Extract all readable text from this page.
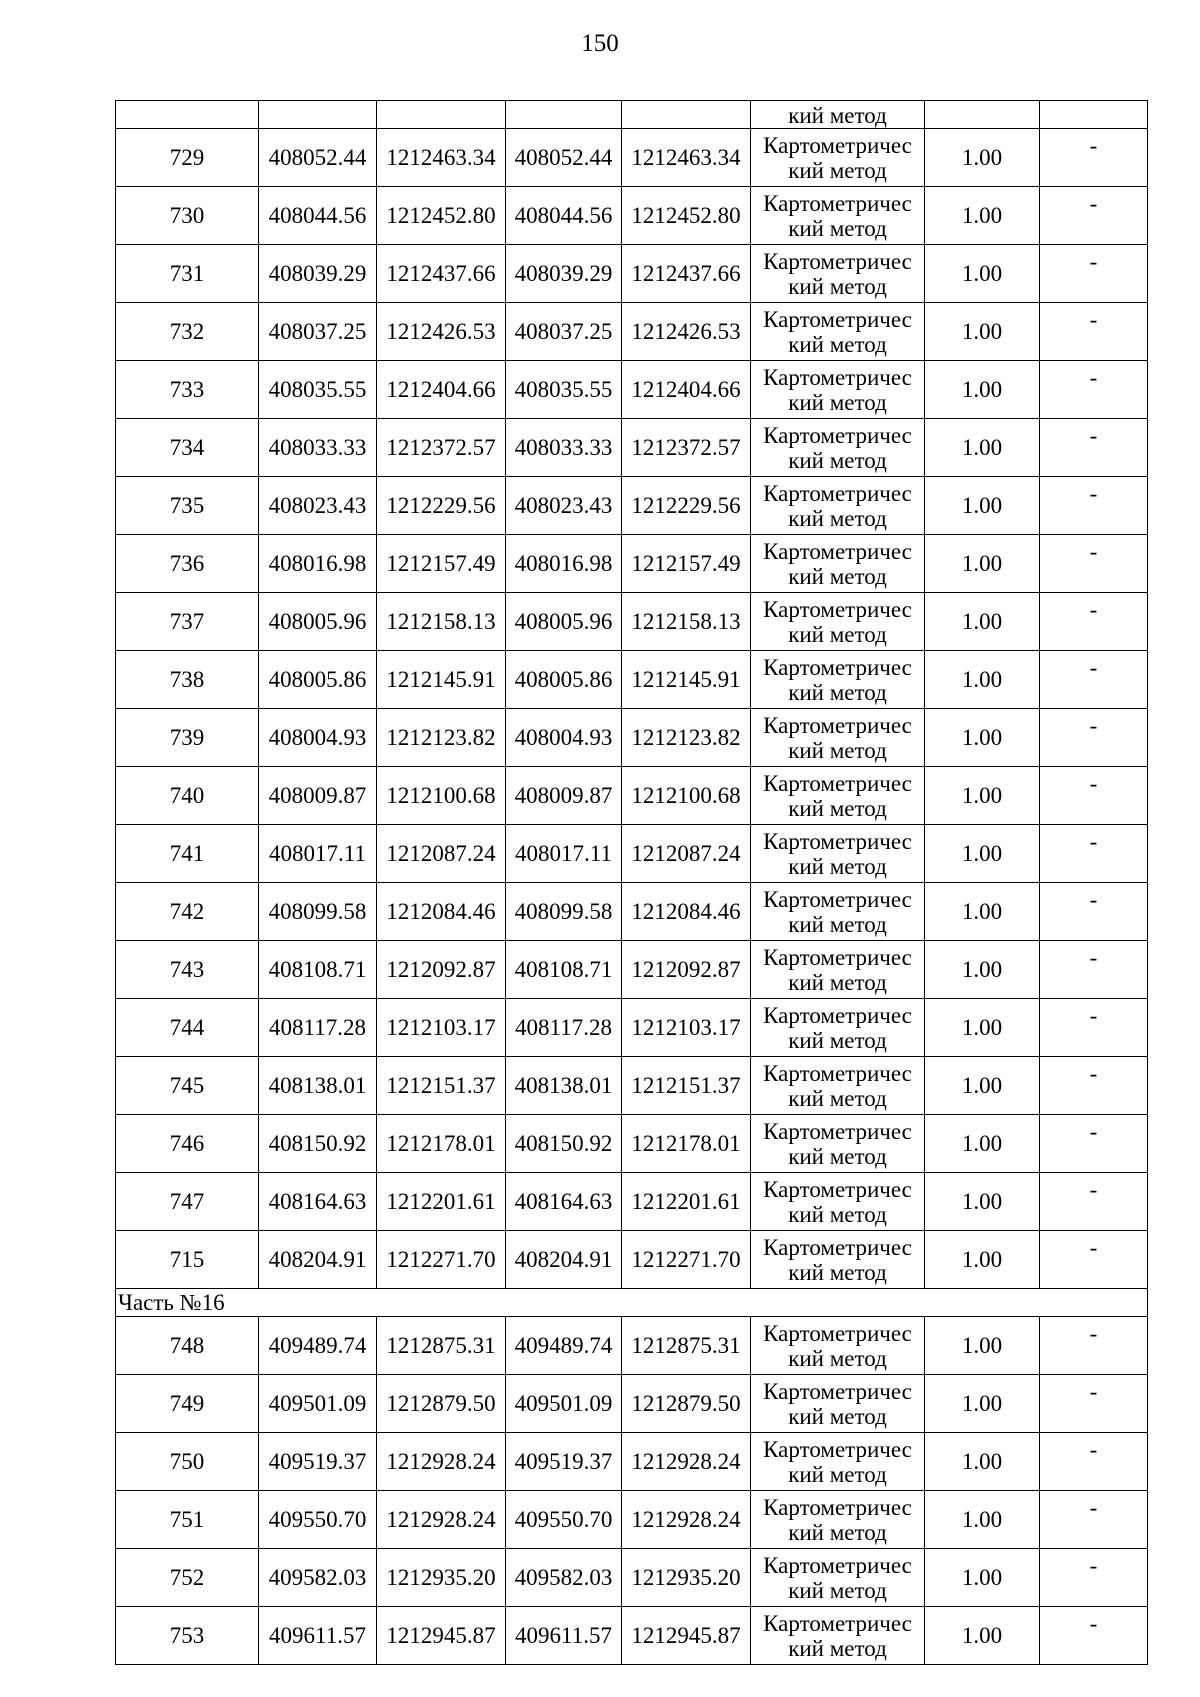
150
					кий метод		
729	408052.44	1212463.34	408052.44	1212463.34	Картометричес
кий метод	1.00	-
730	408044.56	1212452.80	408044.56	1212452.80	Картометричес
кий метод	1.00	-
731	408039.29	1212437.66	408039.29	1212437.66	Картометричес
кий метод	1.00	-
732	408037.25	1212426.53	408037.25	1212426.53	Картометричес
кий метод	1.00	-
733	408035.55	1212404.66	408035.55	1212404.66	Картометричес
кий метод	1.00	-
734	408033.33	1212372.57	408033.33	1212372.57	Картометричес
кий метод	1.00	-
735	408023.43	1212229.56	408023.43	1212229.56	Картометричес
кий метод	1.00	-
736	408016.98	1212157.49	408016.98	1212157.49	Картометричес
кий метод	1.00	-
737	408005.96	1212158.13	408005.96	1212158.13	Картометричес
кий метод	1.00	-
738	408005.86	1212145.91	408005.86	1212145.91	Картометричес
кий метод	1.00	-
739	408004.93	1212123.82	408004.93	1212123.82	Картометричес
кий метод	1.00	-
740	408009.87	1212100.68	408009.87	1212100.68	Картометричес
кий метод	1.00	-
741	408017.11	1212087.24	408017.11	1212087.24	Картометричес
кий метод	1.00	-
742	408099.58	1212084.46	408099.58	1212084.46	Картометричес
кий метод	1.00	-
743	408108.71	1212092.87	408108.71	1212092.87	Картометричес
кий метод	1.00	-
744	408117.28	1212103.17	408117.28	1212103.17	Картометричес
кий метод	1.00	-
745	408138.01	1212151.37	408138.01	1212151.37	Картометричес
кий метод	1.00	-
746	408150.92	1212178.01	408150.92	1212178.01	Картометричес
кий метод	1.00	-
747	408164.63	1212201.61	408164.63	1212201.61	Картометричес
кий метод	1.00	-
715	408204.91	1212271.70	408204.91	1212271.70	Картометричес
кий метод	1.00	-
Часть №16							
748	409489.74	1212875.31	409489.74	1212875.31	Картометричес
кий метод	1.00	-
749	409501.09	1212879.50	409501.09	1212879.50	Картометричес
кий метод	1.00	-
750	409519.37	1212928.24	409519.37	1212928.24	Картометричес
кий метод	1.00	-
751	409550.70	1212928.24	409550.70	1212928.24	Картометричес
кий метод	1.00	-
752	409582.03	1212935.20	409582.03	1212935.20	Картометричес
кий метод	1.00	-
753	409611.57	1212945.87	409611.57	1212945.87	Картометричес
кий метод	1.00	-
